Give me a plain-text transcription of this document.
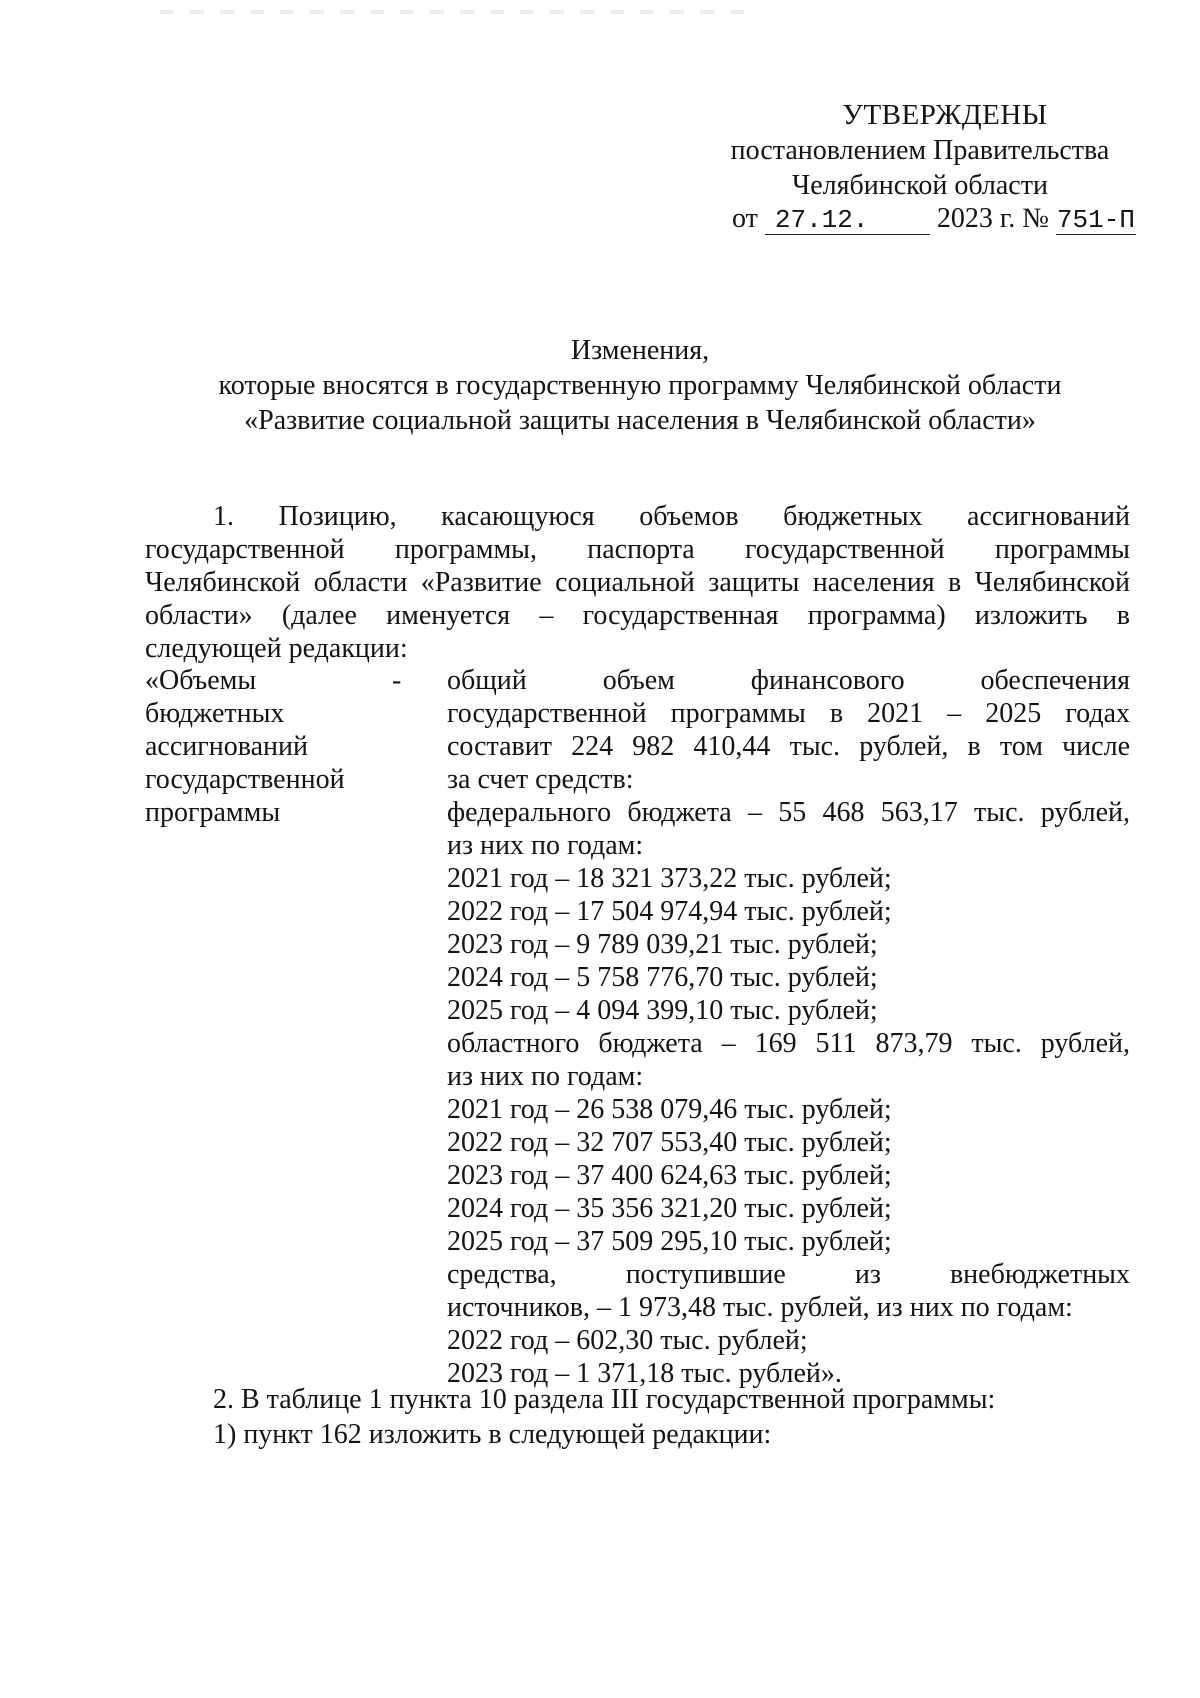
УТВЕРЖДЕНЫ
постановлением Правительства
Челябинской области
от 27.12. 2023 г. № 751-П
Изменения,
которые вносятся в государственную программу Челябинской области
«Развитие социальной защиты населения в Челябинской области»
1. Позицию, касающуюся объемов бюджетных ассигнований
государственной программы, паспорта государственной программы
Челябинской области «Развитие социальной защиты населения в Челябинской
области» (далее именуется – государственная программа) изложить в
следующей редакции:
«Объемы
бюджетных
ассигнований
государственной
программы
- общий объем финансового обеспечения
государственной программы в 2021 – 2025 годах
составит 224 982 410,44 тыс. рублей, в том числе
за счет средств:
федерального бюджета – 55 468 563,17 тыс. рублей,
из них по годам:
2021 год – 18 321 373,22 тыс. рублей;
2022 год – 17 504 974,94 тыс. рублей;
2023 год – 9 789 039,21 тыс. рублей;
2024 год – 5 758 776,70 тыс. рублей;
2025 год – 4 094 399,10 тыс. рублей;
областного бюджета – 169 511 873,79 тыс. рублей,
из них по годам:
2021 год – 26 538 079,46 тыс. рублей;
2022 год – 32 707 553,40 тыс. рублей;
2023 год – 37 400 624,63 тыс. рублей;
2024 год – 35 356 321,20 тыс. рублей;
2025 год – 37 509 295,10 тыс. рублей;
средства, поступившие из внебюджетных
источников, – 1 973,48 тыс. рублей, из них по годам:
2022 год – 602,30 тыс. рублей;
2023 год – 1 371,18 тыс. рублей».
2. В таблице 1 пункта 10 раздела III государственной программы:
1) пункт 162 изложить в следующей редакции:
